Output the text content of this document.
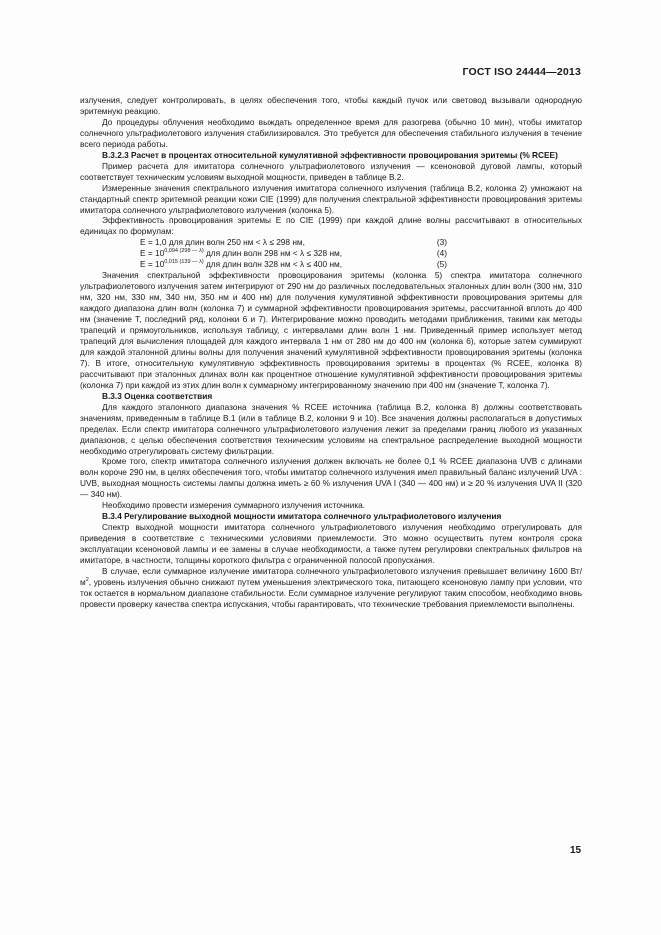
ГОСТ ISO 24444—2013

излучения, следует контролировать, в целях обеспечения того, чтобы каждый пучок или световод вызывали однородную эритемную реакцию.

До процедуры облучения необходимо выждать определенное время для разогрева (обычно 10 мин), чтобы имитатор солнечного ультрафиолетового излучения стабилизировался. Это требуется для обеспечения стабильного излучения в течение всего периода работы.

В.3.2.3 Расчет в процентах относительной кумулятивной эффективности провоцирования эритемы (% RCEE)

Пример расчета для имитатора солнечного ультрафиолетового излучения — ксеноновой дуговой лампы, который соответствует техническим условиям выходной мощности, приведен в таблице В.2.

Измеренные значения спектрального излучения имитатора солнечного излучения (таблица В.2, колонка 2) умножают на стандартный спектр эритемной реакции кожи CIE (1999) для получения спектральной эффективности провоцирования эритемы имитатора солнечного ультрафиолетового излучения (колонка 5).

Эффективность провоцирования эритемы Е по CIE (1999) при каждой длине волны рассчитывают в относительных единицах по формулам:

E = 1,0 для длин волн 250 нм < λ ≤ 298 нм,	(3)
$E = 10^{0,094 (298 — \lambda)}$ для длин волн 298 нм < λ ≤ 328 нм,	(4)
$E = 10^{0,015 (139 — \lambda)}$ для длин волн 328 нм < λ ≤ 400 нм,	(5)

Значения спектральной эффективности провоцирования эритемы (колонка 5) спектра имитатора солнечного ультрафиолетового излучения затем интегрируют от 290 нм до различных последовательных эталонных длин волн (300 нм, 310 нм, 320 нм, 330 нм, 340 нм, 350 нм и 400 нм) для получения кумулятивной эффективности провоцирования эритемы для каждого диапазона длин волн (колонка 7) и суммарной эффективности провоцирования эритемы, рассчитанной вплоть до 400 нм (значение Т, последний ряд, колонки 6 и 7). Интегрирование можно проводить методами приближения, такими как методы трапеций и прямоугольников, используя таблицу, с интервалами длин волн 1 нм. Приведенный пример использует метод трапеций для вычисления площадей для каждого интервала 1 нм от 280 нм до 400 нм (колонка 6), которые затем суммируют для каждой эталонной длины волны для получения значений кумулятивной эффективности провоцирования эритемы (колонка 7). В итоге, относительную кумулятивную эффективность провоцирования эритемы в процентах (% RCEE, колонка 8) рассчитывают при эталонных длинах волн как процентное отношение кумулятивной эффективности провоцирования эритемы (колонка 7) при каждой из этих длин волн к суммарному интегрированному значению при 400 нм (значение Т, колонка 7).

В.3.3 Оценка соответствия

Для каждого эталонного диапазона значения % RCEE источника (таблица В.2, колонка 8) должны соответствовать значениям, приведенным в таблице В.1 (или в таблице В.2, колонки 9 и 10). Все значения должны располагаться в допустимых пределах. Если спектр имитатора солнечного ультрафиолетового излучения лежит за пределами границ любого из указанных диапазонов, с целью обеспечения соответствия техническим условиям на спектральное распределение выходной мощности необходимо отрегулировать систему фильтрации.

Кроме того, спектр имитатора солнечного излучения должен включать не более 0,1 % RCEE диапазона UVB с длинами волн короче 290 нм, в целях обеспечения того, чтобы имитатор солнечного излучения имел правильный баланс излучений UVA : UVB, выходная мощность системы лампы должна иметь ≥ 60 % излучения UVA I (340 — 400 нм) и ≥ 20 % излучения UVA II (320 — 340 нм).

Необходимо провести измерения суммарного излучения источника.

В.3.4 Регулирование выходной мощности имитатора солнечного ультрафиолетового излучения

Спектр выходной мощности имитатора солнечного ультрафиолетового излучения необходимо отрегулировать для приведения в соответствие с техническими условиями приемлемости. Это можно осуществить путем контроля срока эксплуатации ксеноновой лампы и ее замены в случае необходимости, а также путем регулировки спектральных фильтров на имитаторе, в частности, толщины короткого фильтра с ограниченной полосой пропускания.

В случае, если суммарное излучение имитатора солнечного ультрафиолетового излучения превышает величину 1600 $Вт/м^2$, уровень излучения обычно снижают путем уменьшения электрического тока, питающего ксеноновую лампу при условии, что ток остается в нормальном диапазоне стабильности. Если суммарное излучение регулируют таким способом, необходимо вновь провести проверку качества спектра испускания, чтобы гарантировать, что технические требования приемлемости выполнены.

15
